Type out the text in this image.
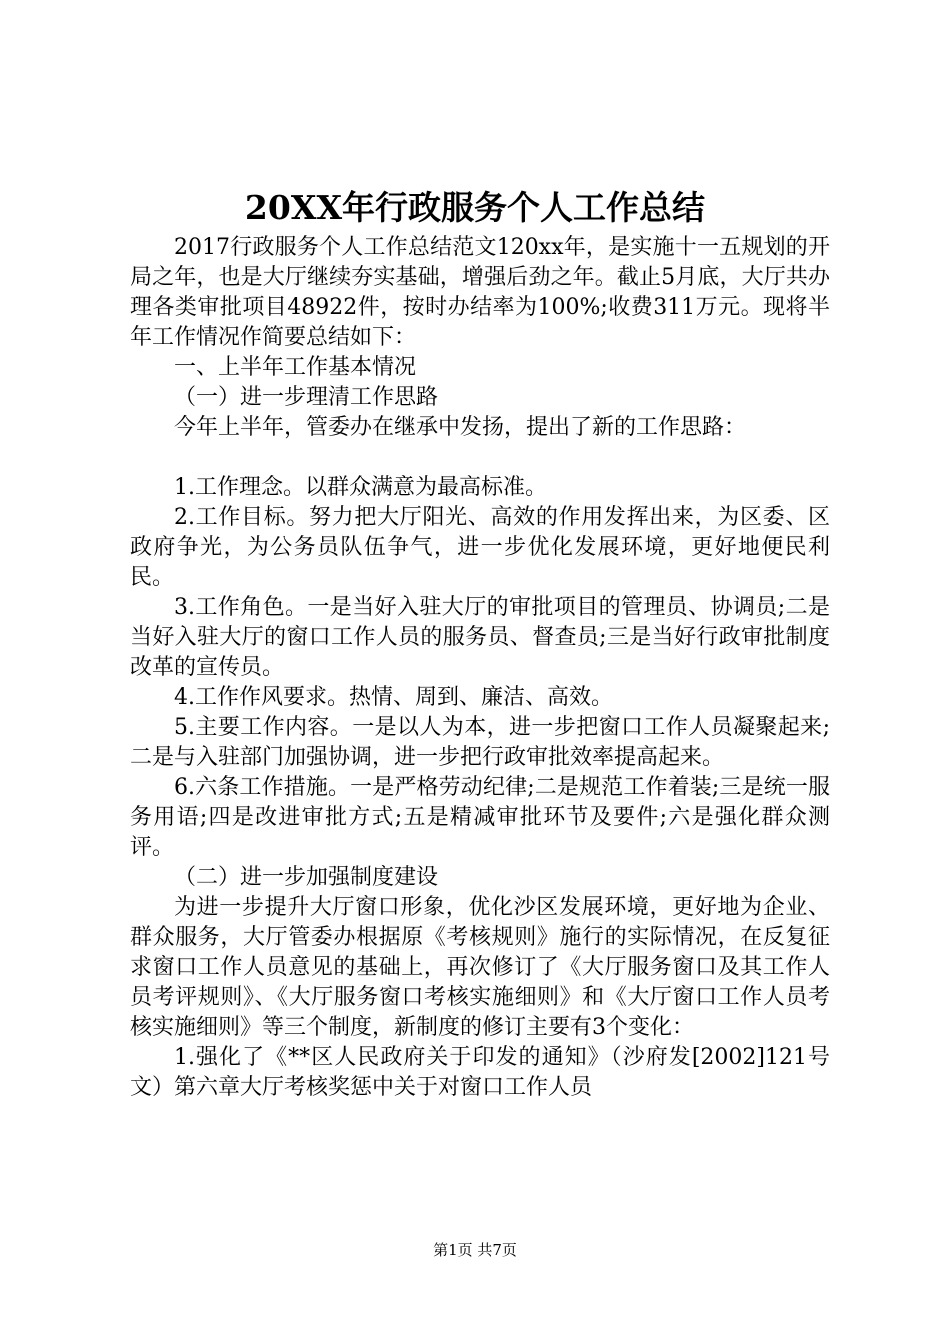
20XX年行政服务个人工作总结

2017行政服务个人工作总结范文120xx年，是实施十一五规划的开局之年，也是大厅继续夯实基础，增强后劲之年。截止5月底，大厅共办理各类审批项目48922件，按时办结率为100%;收费311万元。现将半年工作情况作简要总结如下：

一、上半年工作基本情况

（一）进一步理清工作思路

今年上半年，管委办在继承中发扬，提出了新的工作思路：

1.工作理念。以群众满意为最高标准。

2.工作目标。努力把大厅阳光、高效的作用发挥出来，为区委、区政府争光，为公务员队伍争气，进一步优化发展环境，更好地便民利民。

3.工作角色。一是当好入驻大厅的审批项目的管理员、协调员;二是当好入驻大厅的窗口工作人员的服务员、督查员;三是当好行政审批制度改革的宣传员。

4.工作作风要求。热情、周到、廉洁、高效。

5.主要工作内容。一是以人为本，进一步把窗口工作人员凝聚起来;二是与入驻部门加强协调，进一步把行政审批效率提高起来。

6.六条工作措施。一是严格劳动纪律;二是规范工作着装;三是统一服务用语;四是改进审批方式;五是精减审批环节及要件;六是强化群众测评。

（二）进一步加强制度建设

为进一步提升大厅窗口形象，优化沙区发展环境，更好地为企业、群众服务，大厅管委办根据原《考核规则》施行的实际情况，在反复征求窗口工作人员意见的基础上，再次修订了《大厅服务窗口及其工作人员考评规则》、《大厅服务窗口考核实施细则》和《大厅窗口工作人员考核实施细则》等三个制度，新制度的修订主要有3个变化：

1.强化了《**区人民政府关于印发的通知》（沙府发[2002]121号文）第六章大厅考核奖惩中关于对窗口工作人员

第1页 共7页
